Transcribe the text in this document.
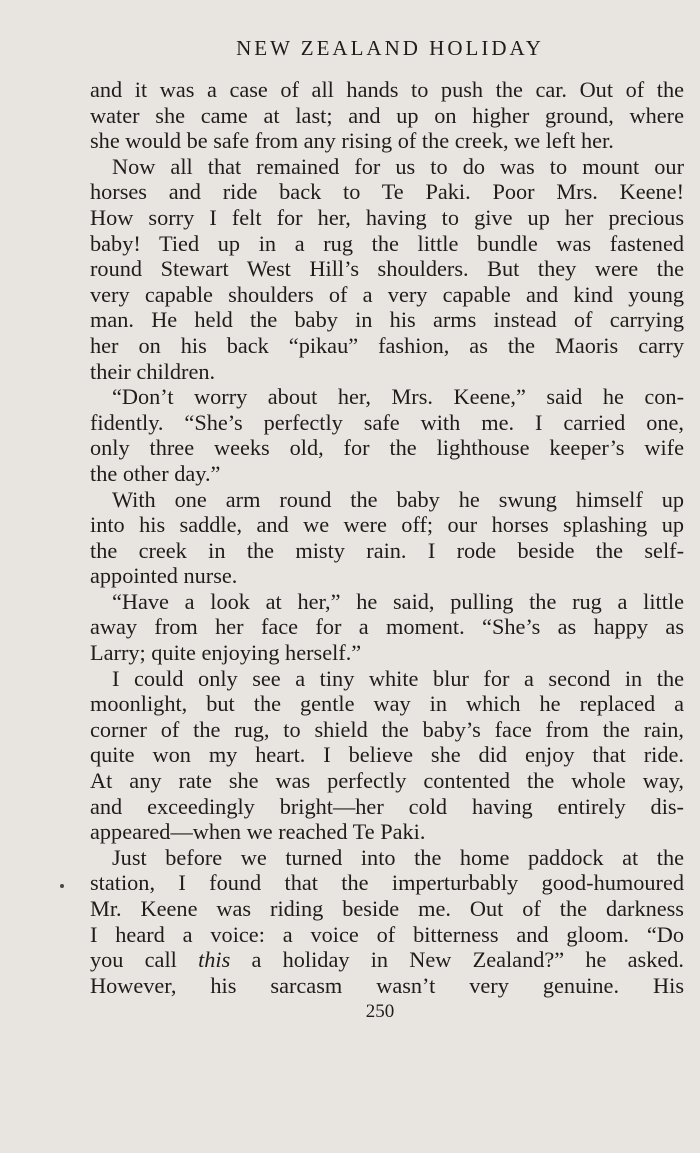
NEW ZEALAND HOLIDAY
and it was a case of all hands to push the car. Out of the
water she came at last; and up on higher ground, where
she would be safe from any rising of the creek, we left her.
Now all that remained for us to do was to mount our
horses and ride back to Te Paki. Poor Mrs. Keene!
How sorry I felt for her, having to give up her precious
baby! Tied up in a rug the little bundle was fastened
round Stewart West Hill’s shoulders. But they were the
very capable shoulders of a very capable and kind young
man. He held the baby in his arms instead of carrying
her on his back “pikau” fashion, as the Maoris carry
their children.
“Don’t worry about her, Mrs. Keene,” said he con-
fidently. “She’s perfectly safe with me. I carried one,
only three weeks old, for the lighthouse keeper’s wife
the other day.”
With one arm round the baby he swung himself up
into his saddle, and we were off; our horses splashing up
the creek in the misty rain. I rode beside the self-
appointed nurse.
“Have a look at her,” he said, pulling the rug a little
away from her face for a moment. “She’s as happy as
Larry; quite enjoying herself.”
I could only see a tiny white blur for a second in the
moonlight, but the gentle way in which he replaced a
corner of the rug, to shield the baby’s face from the rain,
quite won my heart. I believe she did enjoy that ride.
At any rate she was perfectly contented the whole way,
and exceedingly bright—her cold having entirely dis-
appeared—when we reached Te Paki.
Just before we turned into the home paddock at the
station, I found that the imperturbably good-humoured
Mr. Keene was riding beside me. Out of the darkness
I heard a voice: a voice of bitterness and gloom. “Do
you call this a holiday in New Zealand?” he asked.
However, his sarcasm wasn’t very genuine. His
250
